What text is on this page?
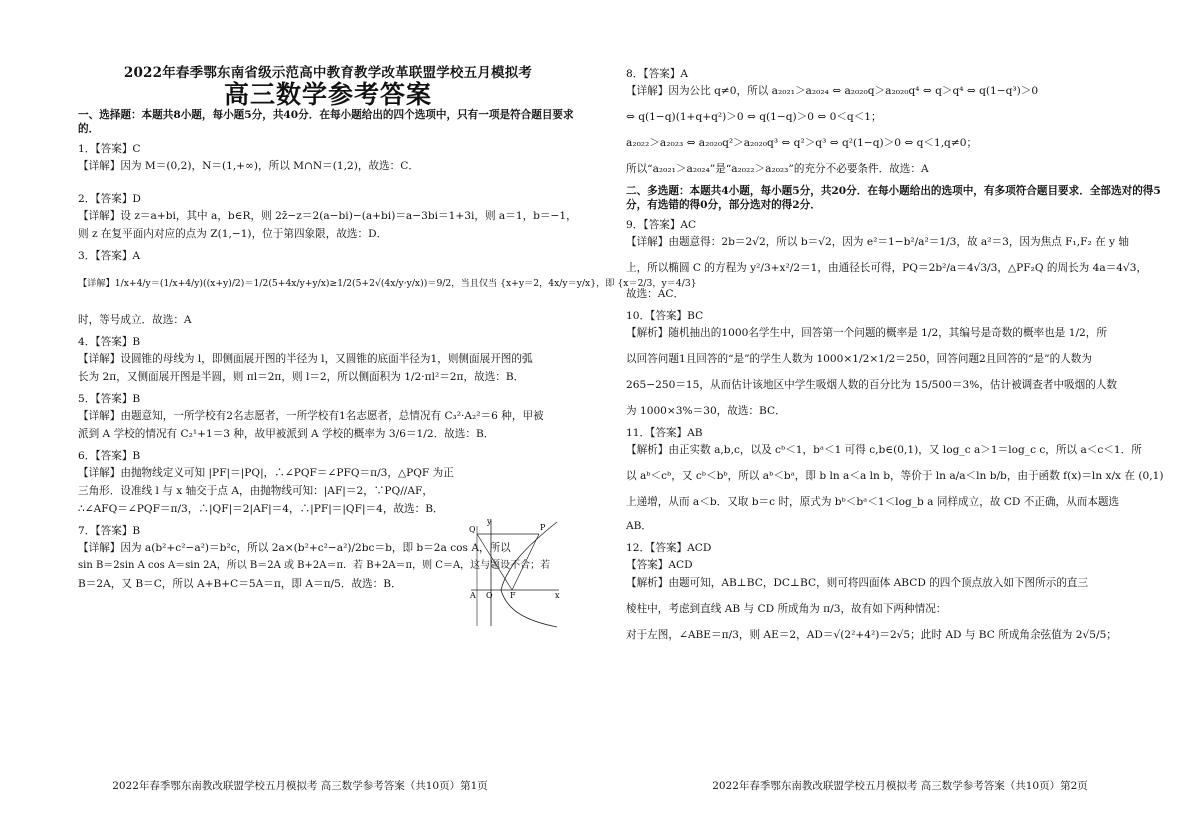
2022年春季鄂东南省级示范高中教育教学改革联盟学校五月模拟考
高三数学参考答案
一、选择题：本题共8小题，每小题5分，共40分．在每小题给出的四个选项中，只有一项是符合题目要求的．
1．【答案】C
【详解】因为 M＝(0,2)，N＝(1,+∞)，所以 M∩N＝(1,2)，故选：C．
2．【答案】D
【详解】设 z＝a+bi，其中 a，b∈R，则 2z̄−z＝2(a−bi)−(a+bi)＝a−3bi＝1+3i，则 a＝1，b＝−1，
则 z 在复平面内对应的点为 Z(1,−1)，位于第四象限，故选：D．
3．【答案】A
【详解】1/x+4/y＝(1/x+4/y)((x+y)/2)＝1/2(5+4x/y+y/x)≥1/2(5+2√(4x/y·y/x))＝9/2，当且仅当 {x+y＝2，4x/y＝y/x}，即 {x＝2/3，y＝4/3}
时，等号成立．故选：A
4．【答案】B
【详解】设圆锥的母线为 l，即侧面展开图的半径为 l，又圆锥的底面半径为1，则侧面展开图的弧
长为 2π，又侧面展开图是半圆，则 πl＝2π，则 l＝2，所以侧面积为 1/2·πl²＝2π，故选：B．
5．【答案】B
【详解】由题意知，一所学校有2名志愿者，一所学校有1名志愿者，总情况有 C₃²·A₂²＝6 种，甲被
派到 A 学校的情况有 C₂¹+1＝3 种，故甲被派到 A 学校的概率为 3/6＝1/2．故选：B．
6．【答案】B
【详解】由抛物线定义可知 |PF|＝|PQ|，∴∠PQF＝∠PFQ＝π/3，△PQF 为正
三角形．设准线 l 与 x 轴交于点 A，由抛物线可知：|AF|＝2，∵PQ//AF，
∴∠AFQ＝∠PQF＝π/3，∴|QF|＝2|AF|＝4，∴|PF|＝|QF|＝4，故选：B．
7．【答案】B
【详解】因为 a(b²+c²−a²)＝b²c，所以 2a×(b²+c²−a²)/2bc＝b，即 b＝2a cos A，所以
sin B＝2sin A cos A＝sin 2A，所以 B＝2A 或 B+2A＝π．若 B+2A＝π，则 C＝A，这与题设不合；若
B＝2A，又 B＝C，所以 A+B+C＝5A＝π，即 A＝π/5．故选：B．
y
x
Q	P
A O F
2022年春季鄂东南教改联盟学校五月模拟考 高三数学参考答案（共10页）第1页
8．【答案】A
【详解】因为公比 q≠0，所以 a₂₀₂₁＞a₂₀₂₄ ⇔ a₂₀₂₀q＞a₂₀₂₀q⁴ ⇔ q＞q⁴ ⇔ q(1−q³)＞0
⇔ q(1−q)(1+q+q²)＞0 ⇔ q(1−q)＞0 ⇔ 0＜q＜1；
a₂₀₂₂＞a₂₀₂₃ ⇔ a₂₀₂₀q²＞a₂₀₂₀q³ ⇔ q²＞q³ ⇔ q²(1−q)＞0 ⇔ q＜1,q≠0；
所以“a₂₀₂₁＞a₂₀₂₄”是“a₂₀₂₂＞a₂₀₂₃”的充分不必要条件．故选：A
二、多选题：本题共4小题，每小题5分，共20分．在每小题给出的选项中，有多项符合题目要求．全部选对的得5分，有选错的得0分，部分选对的得2分．
9．【答案】AC
【详解】由题意得：2b＝2√2，所以 b＝√2，因为 e²＝1−b²/a²＝1/3，故 a²＝3，因为焦点 F₁,F₂ 在 y 轴
上，所以椭圆 C 的方程为 y²/3+x²/2＝1，由通径长可得，PQ＝2b²/a＝4√3/3，△PF₂Q 的周长为 4a＝4√3，
故选：AC．
10．【答案】BC
【解析】随机抽出的1000名学生中，回答第一个问题的概率是 1/2，其编号是奇数的概率也是 1/2，所
以回答问题1且回答的“是”的学生人数为 1000×1/2×1/2＝250，回答问题2且回答的“是”的人数为
265−250＝15，从而估计该地区中学生吸烟人数的百分比为 15/500＝3%，估计被调查者中吸烟的人数
为 1000×3%＝30，故选：BC．
11．【答案】AB
【解析】由正实数 a,b,c，以及 cᵇ＜1，bᵃ＜1 可得 c,b∈(0,1)，又 log_c a＞1＝log_c c，所以 a＜c＜1．所
以 aᵇ＜cᵇ，又 cᵇ＜bᵇ，所以 aᵇ＜bᵃ，即 b ln a＜a ln b，等价于 ln a/a＜ln b/b，由于函数 f(x)＝ln x/x 在 (0,1)
上递增，从而 a＜b．又取 b＝c 时，原式为 bᵇ＜bᵃ＜1＜log_b a 同样成立，故 CD 不正确，从而本题选
AB．
12．【答案】ACD
【答案】ACD
【解析】由题可知，AB⊥BC，DC⊥BC，则可将四面体 ABCD 的四个顶点放入如下图所示的直三
棱柱中，考虑到直线 AB 与 CD 所成角为 π/3，故有如下两种情况：
对于左图，∠ABE＝π/3，则 AE＝2，AD＝√(2²+4²)＝2√5；此时 AD 与 BC 所成角余弦值为 2√5/5；
2022年春季鄂东南教改联盟学校五月模拟考 高三数学参考答案（共10页）第2页
